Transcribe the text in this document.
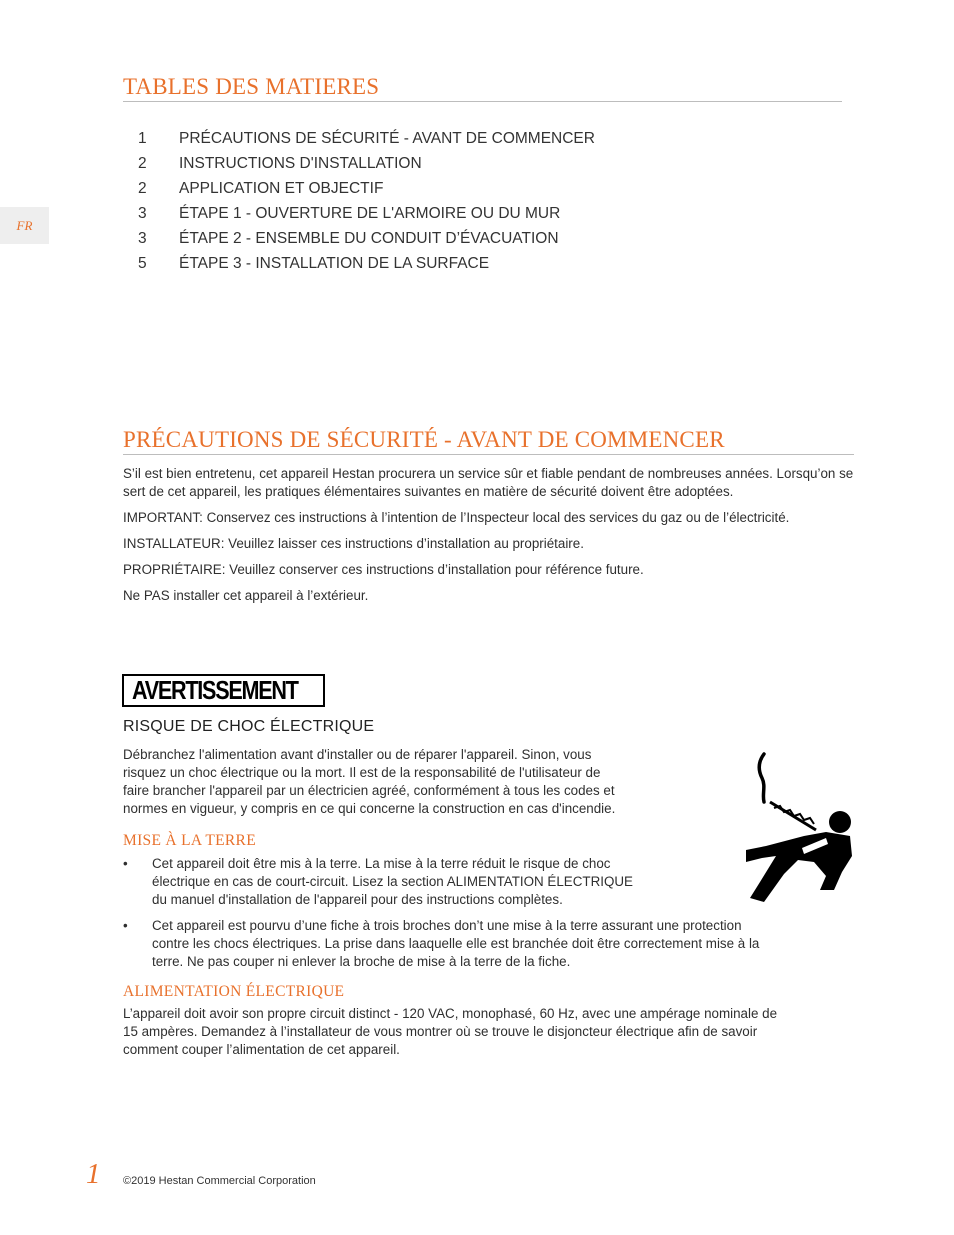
FR
TABLES DES MATIERES
1	PRÉCAUTIONS DE SÉCURITÉ - AVANT DE COMMENCER
2	INSTRUCTIONS D'INSTALLATION
2	APPLICATION ET OBJECTIF
3	ÉTAPE 1 - OUVERTURE DE L'ARMOIRE OU DU MUR
3	ÉTAPE 2 - ENSEMBLE DU CONDUIT D’ÉVACUATION
5	ÉTAPE 3 - INSTALLATION DE LA SURFACE
PRÉCAUTIONS DE SÉCURITÉ - AVANT DE COMMENCER

S’il est bien entretenu, cet appareil Hestan procurera un service sûr et fiable pendant de nombreuses années. Lorsqu’on se sert de cet appareil, les pratiques élémentaires suivantes en matière de sécurité doivent être adoptées.

IMPORTANT: Conservez ces instructions à l’intention de l’Inspecteur local des services du gaz ou de l’électricité.

INSTALLATEUR: Veuillez laisser ces instructions d’installation au propriétaire.

PROPRIÉTAIRE: Veuillez conserver ces instructions d’installation pour référence future.

Ne PAS installer cet appareil à l’extérieur.

AVERTISSEMENT
RISQUE DE CHOC ÉLECTRIQUE
Débranchez l'alimentation avant d'installer ou de réparer l'appareil. Sinon, vous
risquez un choc électrique ou la mort. Il est de la responsabilité de l'utilisateur de
faire brancher l'appareil par un électricien agréé, conformément à tous les codes et
normes en vigueur, y compris en ce qui concerne la construction en cas d'incendie.
MISE À LA TERRE
• Cet appareil doit être mis à la terre. La mise à la terre réduit le risque de choc
électrique en cas de court-circuit. Lisez la section ALIMENTATION ÉLECTRIQUE
du manuel d'installation de l'appareil pour des instructions complètes.
• Cet appareil est pourvu d’une fiche à trois broches don’t une mise à la terre assurant une protection
contre les chocs électriques. La prise dans laaquelle elle est branchée doit être correctement mise à la
terre. Ne pas couper ni enlever la broche de mise à la terre de la fiche.
ALIMENTATION ÉLECTRIQUE
L’appareil doit avoir son propre circuit distinct - 120 VAC, monophasé, 60 Hz, avec une ampérage nominale de
15 ampères. Demandez à l’installateur de vous montrer où se trouve le disjoncteur électrique afin de savoir
comment couper l’alimentation de cet appareil.
1 ©2019 Hestan Commercial Corporation
